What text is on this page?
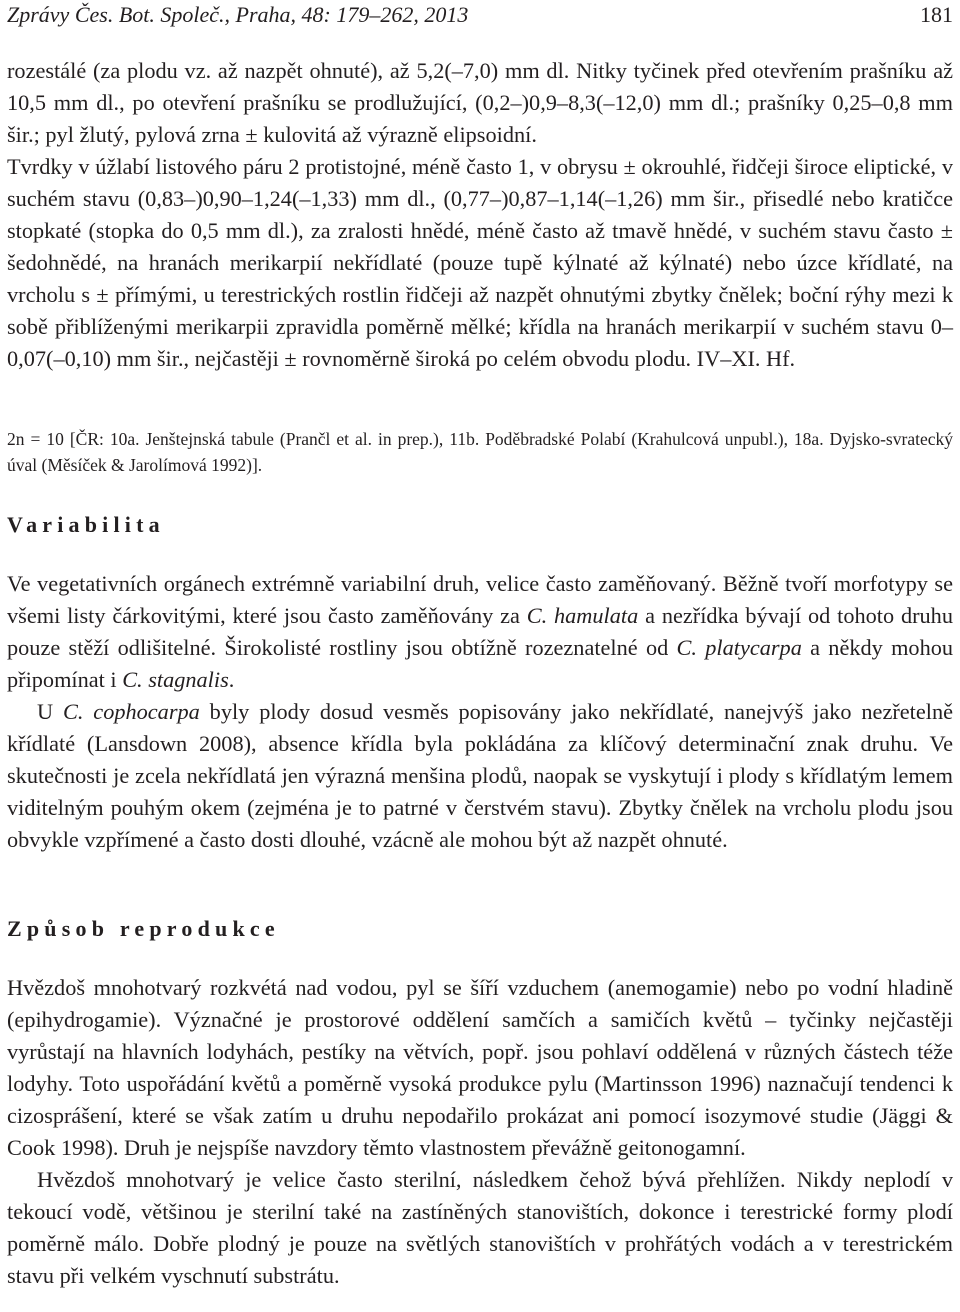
Zprávy Čes. Bot. Společ., Praha, 48: 179–262, 2013	181

rozestálé (za plodu vz. až nazpět ohnuté), až 5,2(–7,0) mm dl. Nitky tyčinek před otevřením prašníku až 10,5 mm dl., po otevření prašníku se prodlužující, (0,2–)0,9–8,3(–12,0) mm dl.; prašníky 0,25–0,8 mm šir.; pyl žlutý, pylová zrna ± kulovitá až výrazně elipsoidní.

Tvrdky v úžlabí listového páru 2 protistojné, méně často 1, v obrysu ± okrouhlé, řidčeji široce eliptické, v suchém stavu (0,83–)0,90–1,24(–1,33) mm dl., (0,77–)0,87–1,14(–1,26) mm šir., přisedlé nebo kratičce stopkaté (stopka do 0,5 mm dl.), za zralosti hnědé, méně často až tmavě hnědé, v suchém stavu často ± šedohnědé, na hranách merikarpií nekřídlaté (pouze tupě kýlnaté až kýlnaté) nebo úzce křídlaté, na vrcholu s ± přímými, u terestrických rostlin řidčeji až nazpět ohnutými zbytky čnělek; boční rýhy mezi k sobě přiblíženými merikarpii zpravidla poměrně mělké; křídla na hranách merikarpií v suchém stavu 0–0,07(–0,10) mm šir., nejčastěji ± rovnoměrně široká po celém obvodu plodu. IV–XI. Hf.

2n = 10 [ČR: 10a. Jenštejnská tabule (Prančl et al. in prep.), 11b. Poděbradské Polabí (Krahulcová unpubl.), 18a. Dyjsko-svratecký úval (Měsíček & Jarolímová 1992)].

Variabilita

Ve vegetativních orgánech extrémně variabilní druh, velice často zaměňovaný. Běžně tvoří morfotypy se všemi listy čárkovitými, které jsou často zaměňovány za C. hamulata a nezřídka bývají od tohoto druhu pouze stěží odlišitelné. Širokolisté rostliny jsou obtížně rozeznatelné od C. platycarpa a někdy mohou připomínat i C. stagnalis.

U C. cophocarpa byly plody dosud vesměs popisovány jako nekřídlaté, nanejvýš jako nezřetelně křídlaté (Lansdown 2008), absence křídla byla pokládána za klíčový determinační znak druhu. Ve skutečnosti je zcela nekřídlatá jen výrazná menšina plodů, naopak se vyskytují i plody s křídlatým lemem viditelným pouhým okem (zejména je to patrné v čerstvém stavu). Zbytky čnělek na vrcholu plodu jsou obvykle vzpřímené a často dosti dlouhé, vzácně ale mohou být až nazpět ohnuté.

Způsob reprodukce

Hvězdoš mnohotvarý rozkvétá nad vodou, pyl se šíří vzduchem (anemogamie) nebo po vodní hladině (epihydrogamie). Význačné je prostorové oddělení samčích a samičích květů – tyčinky nejčastěji vyrůstají na hlavních lodyhách, pestíky na větvích, popř. jsou pohlaví oddělená v různých částech téže lodyhy. Toto uspořádání květů a poměrně vysoká produkce pylu (Martinsson 1996) naznačují tendenci k cizosprášení, které se však zatím u druhu nepodařilo prokázat ani pomocí isozymové studie (Jäggi & Cook 1998). Druh je nejspíše navzdory těmto vlastnostem převážně geitonogamní.

Hvězdoš mnohotvarý je velice často sterilní, následkem čehož bývá přehlížen. Nikdy neplodí v tekoucí vodě, většinou je sterilní také na zastíněných stanovištích, dokonce i terestrické formy plodí poměrně málo. Dobře plodný je pouze na světlých stanovištích v prohřátých vodách a v terestrickém stavu při velkém vyschnutí substrátu.
